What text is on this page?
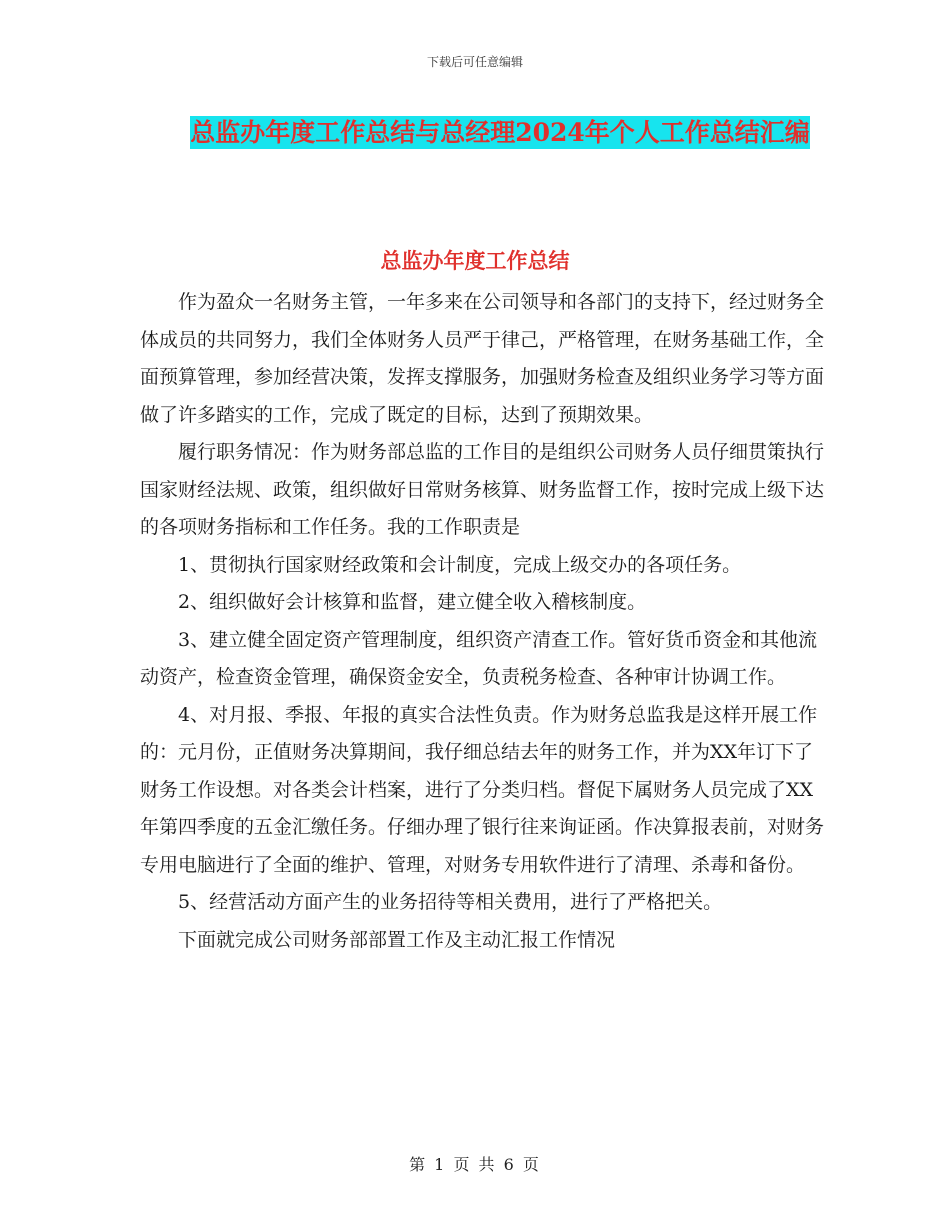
下载后可任意编辑
总监办年度工作总结与总经理2024年个人工作总结汇编
总监办年度工作总结

作为盈众一名财务主管，一年多来在公司领导和各部门的支持下，经过财务全体成员的共同努力，我们全体财务人员严于律己，严格管理，在财务基础工作，全面预算管理，参加经营决策，发挥支撑服务，加强财务检查及组织业务学习等方面做了许多踏实的工作，完成了既定的目标，达到了预期效果。

履行职务情况：作为财务部总监的工作目的是组织公司财务人员仔细贯策执行国家财经法规、政策，组织做好日常财务核算、财务监督工作，按时完成上级下达的各项财务指标和工作任务。我的工作职责是

1、贯彻执行国家财经政策和会计制度，完成上级交办的各项任务。

2、组织做好会计核算和监督，建立健全收入稽核制度。

3、建立健全固定资产管理制度，组织资产清查工作。管好货币资金和其他流动资产，检查资金管理，确保资金安全，负责税务检查、各种审计协调工作。

4、对月报、季报、年报的真实合法性负责。作为财务总监我是这样开展工作的：元月份，正值财务决算期间，我仔细总结去年的财务工作，并为XX年订下了财务工作设想。对各类会计档案，进行了分类归档。督促下属财务人员完成了XX年第四季度的五金汇缴任务。仔细办理了银行往来询证函。作决算报表前，对财务专用电脑进行了全面的维护、管理，对财务专用软件进行了清理、杀毒和备份。

5、经营活动方面产生的业务招待等相关费用，进行了严格把关。

下面就完成公司财务部部置工作及主动汇报工作情况

第 1 页 共 6 页
